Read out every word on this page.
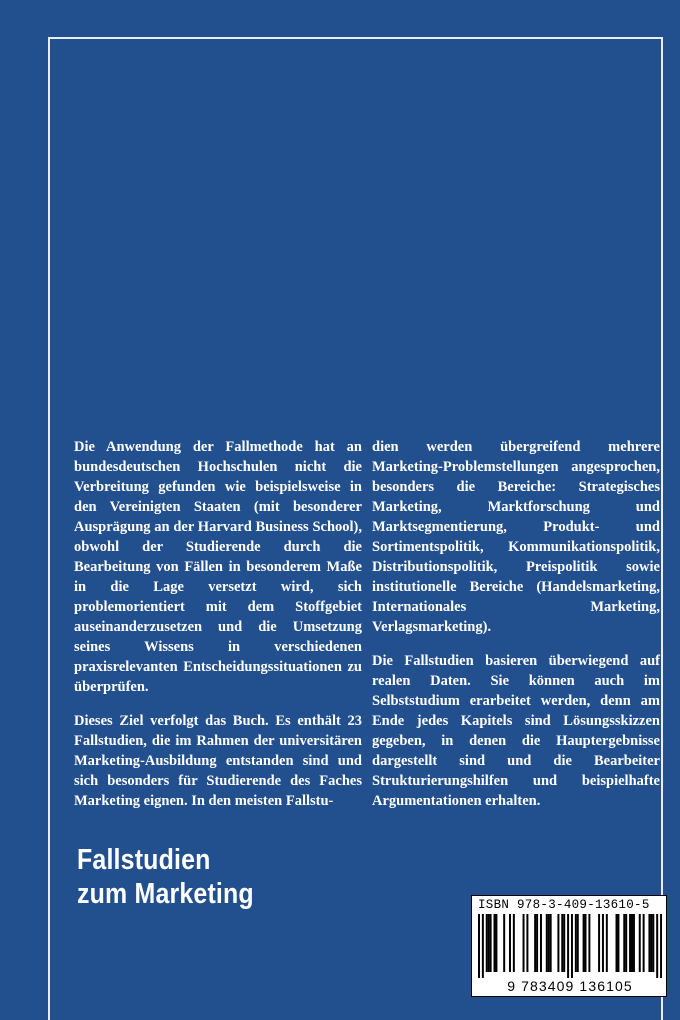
Die Anwendung der Fallmethode hat an bundesdeutschen Hochschulen nicht die Verbreitung gefunden wie beispielsweise in den Vereinigten Staaten (mit besonderer Ausprägung an der Harvard Business School), obwohl der Studierende durch die Bearbeitung von Fällen in besonderem Maße in die Lage versetzt wird, sich problemorientiert mit dem Stoffgebiet auseinanderzusetzen und die Umsetzung seines Wissens in verschiedenen praxisrelevanten Entscheidungssituationen zu überprüfen.

Dieses Ziel verfolgt das Buch. Es enthält 23 Fallstudien, die im Rahmen der universitären Marketing-Ausbildung entstanden sind und sich besonders für Studierende des Faches Marketing eignen. In den meisten Fallstu-

dien werden übergreifend mehrere Marketing-Problemstellungen angesprochen, besonders die Bereiche: Strategisches Marketing, Marktforschung und Marktsegmentierung, Produkt- und Sortimentspolitik, Kommunikationspolitik, Distributionspolitik, Preispolitik sowie institutionelle Bereiche (Handelsmarketing, Internationales Marketing, Verlagsmarketing).

Die Fallstudien basieren überwiegend auf realen Daten. Sie können auch im Selbststudium erarbeitet werden, denn am Ende jedes Kapitels sind Lösungsskizzen gegeben, in denen die Hauptergebnisse dargestellt sind und die Bearbeiter Strukturierungshilfen und beispielhafte Argumentationen erhalten.

Fallstudien
zum Marketing	ISBN 978-3-409-13610-5
9 783409 136105
